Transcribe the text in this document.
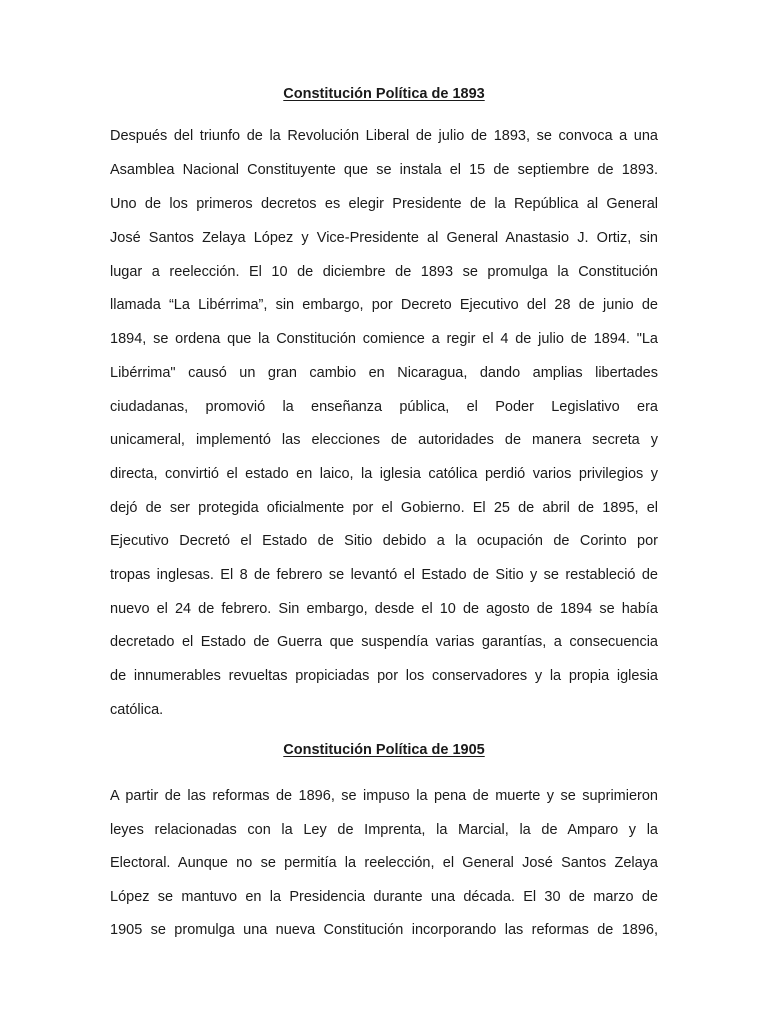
Constitución Política de 1893
Después del triunfo de la Revolución Liberal de julio de 1893, se convoca a una
Asamblea Nacional Constituyente que se instala el 15 de septiembre de 1893.
Uno de los primeros decretos es elegir Presidente de la República al General
José Santos Zelaya López y Vice-Presidente al General Anastasio J. Ortiz, sin
lugar a reelección. El 10 de diciembre de 1893 se promulga la Constitución
llamada “La Libérrima”, sin embargo, por Decreto Ejecutivo del 28 de junio de
1894, se ordena que la Constitución comience a regir el 4 de julio de 1894. "La
Libérrima" causó un gran cambio en Nicaragua, dando amplias libertades
ciudadanas, promovió la enseñanza pública, el Poder Legislativo era
unicameral, implementó las elecciones de autoridades de manera secreta y
directa, convirtió el estado en laico, la iglesia católica perdió varios privilegios y
dejó de ser protegida oficialmente por el Gobierno. El 25 de abril de 1895, el
Ejecutivo Decretó el Estado de Sitio debido a la ocupación de Corinto por
tropas inglesas. El 8 de febrero se levantó el Estado de Sitio y se restableció de
nuevo el 24 de febrero. Sin embargo, desde el 10 de agosto de 1894 se había
decretado el Estado de Guerra que suspendía varias garantías, a consecuencia
de innumerables revueltas propiciadas por los conservadores y la propia iglesia
católica.
Constitución Política de 1905
A partir de las reformas de 1896, se impuso la pena de muerte y se suprimieron
leyes relacionadas con la Ley de Imprenta, la Marcial, la de Amparo y la
Electoral. Aunque no se permitía la reelección, el General José Santos Zelaya
López se mantuvo en la Presidencia durante una década. El 30 de marzo de
1905 se promulga una nueva Constitución incorporando las reformas de 1896,
